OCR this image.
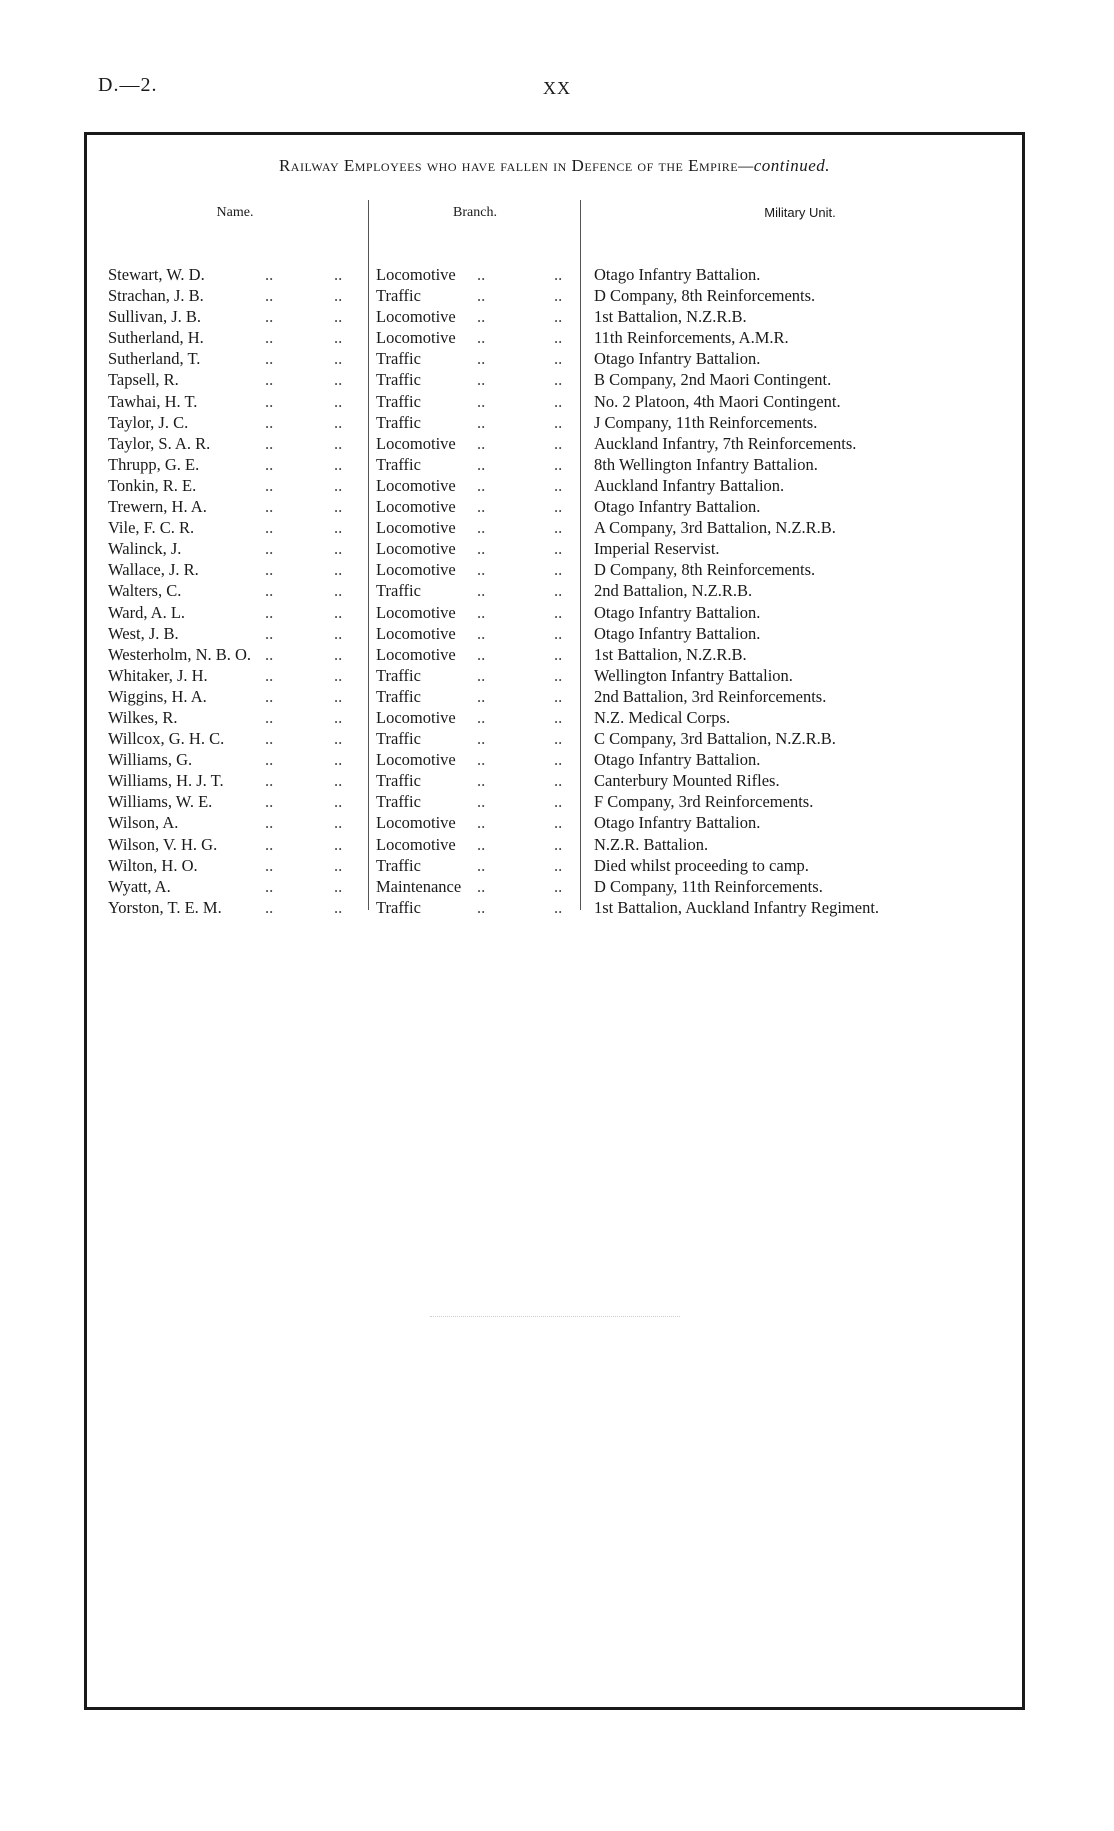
D.—2.	XX
Railway Employees who have fallen in Defence of the Empire—continued.
Name.	Branch.	Military Unit.
Stewart, W. D.	..	.. Locomotive ..	.. Otago Infantry Battalion.
Strachan, J. B.	..	.. Traffic	..	.. D Company, 8th Reinforcements.
Sullivan, J. B.	..	.. Locomotive ..	.. 1st Battalion, N.Z.R.B.
Sutherland, H.	..	.. Locomotive ..	.. 11th Reinforcements, A.M.R.
Sutherland, T.	..	.. Traffic	..	.. Otago Infantry Battalion.
Tapsell, R.	..	.. Traffic	..	.. B Company, 2nd Maori Contingent.
Tawhai, H. T.	..	.. Traffic	..	.. No. 2 Platoon, 4th Maori Contingent.
Taylor, J. C.	..	.. Traffic	..	.. J Company, 11th Reinforcements.
Taylor, S. A. R.	..	.. Locomotive ..	.. Auckland Infantry, 7th Reinforcements.
Thrupp, G. E.	..	.. Traffic	..	.. 8th Wellington Infantry Battalion.
Tonkin, R. E.	..	.. Locomotive ..	.. Auckland Infantry Battalion.
Trewern, H. A.	..	.. Locomotive ..	.. Otago Infantry Battalion.
Vile, F. C. R.	..	.. Locomotive ..	.. A Company, 3rd Battalion, N.Z.R.B.
Walinck, J.	..	.. Locomotive ..	.. Imperial Reservist.
Wallace, J. R.	..	.. Locomotive ..	.. D Company, 8th Reinforcements.
Walters, C.	..	.. Traffic	..	.. 2nd Battalion, N.Z.R.B.
Ward, A. L.	..	.. Locomotive ..	.. Otago Infantry Battalion.
West, J. B.	..	.. Locomotive ..	.. Otago Infantry Battalion.
Westerholm, N. B. O. ..	.. Locomotive ..	.. 1st Battalion, N.Z.R.B.
Whitaker, J. H.	..	.. Traffic	..	.. Wellington Infantry Battalion.
Wiggins, H. A.	..	.. Traffic	..	.. 2nd Battalion, 3rd Reinforcements.
Wilkes, R.	..	.. Locomotive ..	.. N.Z. Medical Corps.
Willcox, G. H. C. ..	.. Traffic	..	.. C Company, 3rd Battalion, N.Z.R.B.
Williams, G.	..	.. Locomotive ..	.. Otago Infantry Battalion.
Williams, H. J. T.	..	.. Traffic	..	.. Canterbury Mounted Rifles.
Williams, W. E.	..	.. Traffic	..	.. F Company, 3rd Reinforcements.
Wilson, A.	..	.. Locomotive ..	.. Otago Infantry Battalion.
Wilson, V. H. G.	..	.. Locomotive ..	.. N.Z.R. Battalion.
Wilton, H. O.	..	.. Traffic	..	.. Died whilst proceeding to camp.
Wyatt, A.	..	.. Maintenance ..	.. D Company, 11th Reinforcements.
Yorston, T. E. M.	..	.. Traffic	..	.. 1st Battalion, Auckland Infantry Regiment.
